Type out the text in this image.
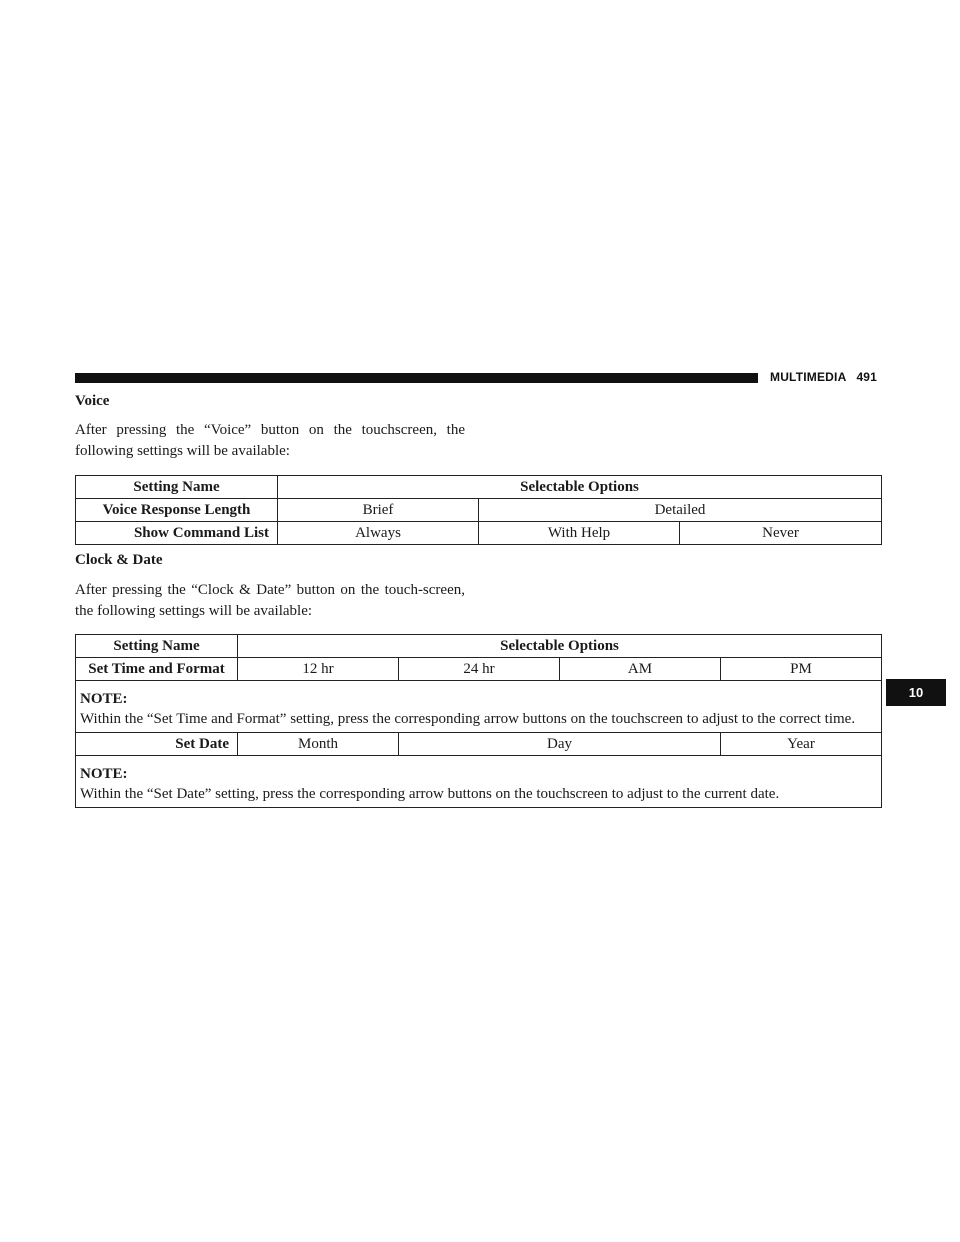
MULTIMEDIA 491
10
Voice

After pressing the “Voice” button on the touchscreen, the following settings will be available:

Setting Name	Selectable Options		
Voice Response Length	Brief	Detailed	
Show Command List	Always	With Help	Never
Clock & Date

After pressing the “Clock & Date” button on the touch-screen, the following settings will be available:

Setting Name	Selectable Options			
Set Time and Format	12 hr	24 hr	AM	PM

NOTE:
Within the “Set Time and Format” setting, press the corresponding arrow buttons on the touchscreen to adjust to the correct time.				
Set Date	Month	Day		Year

NOTE:
Within the “Set Date” setting, press the corresponding arrow buttons on the touchscreen to adjust to the current date.				
